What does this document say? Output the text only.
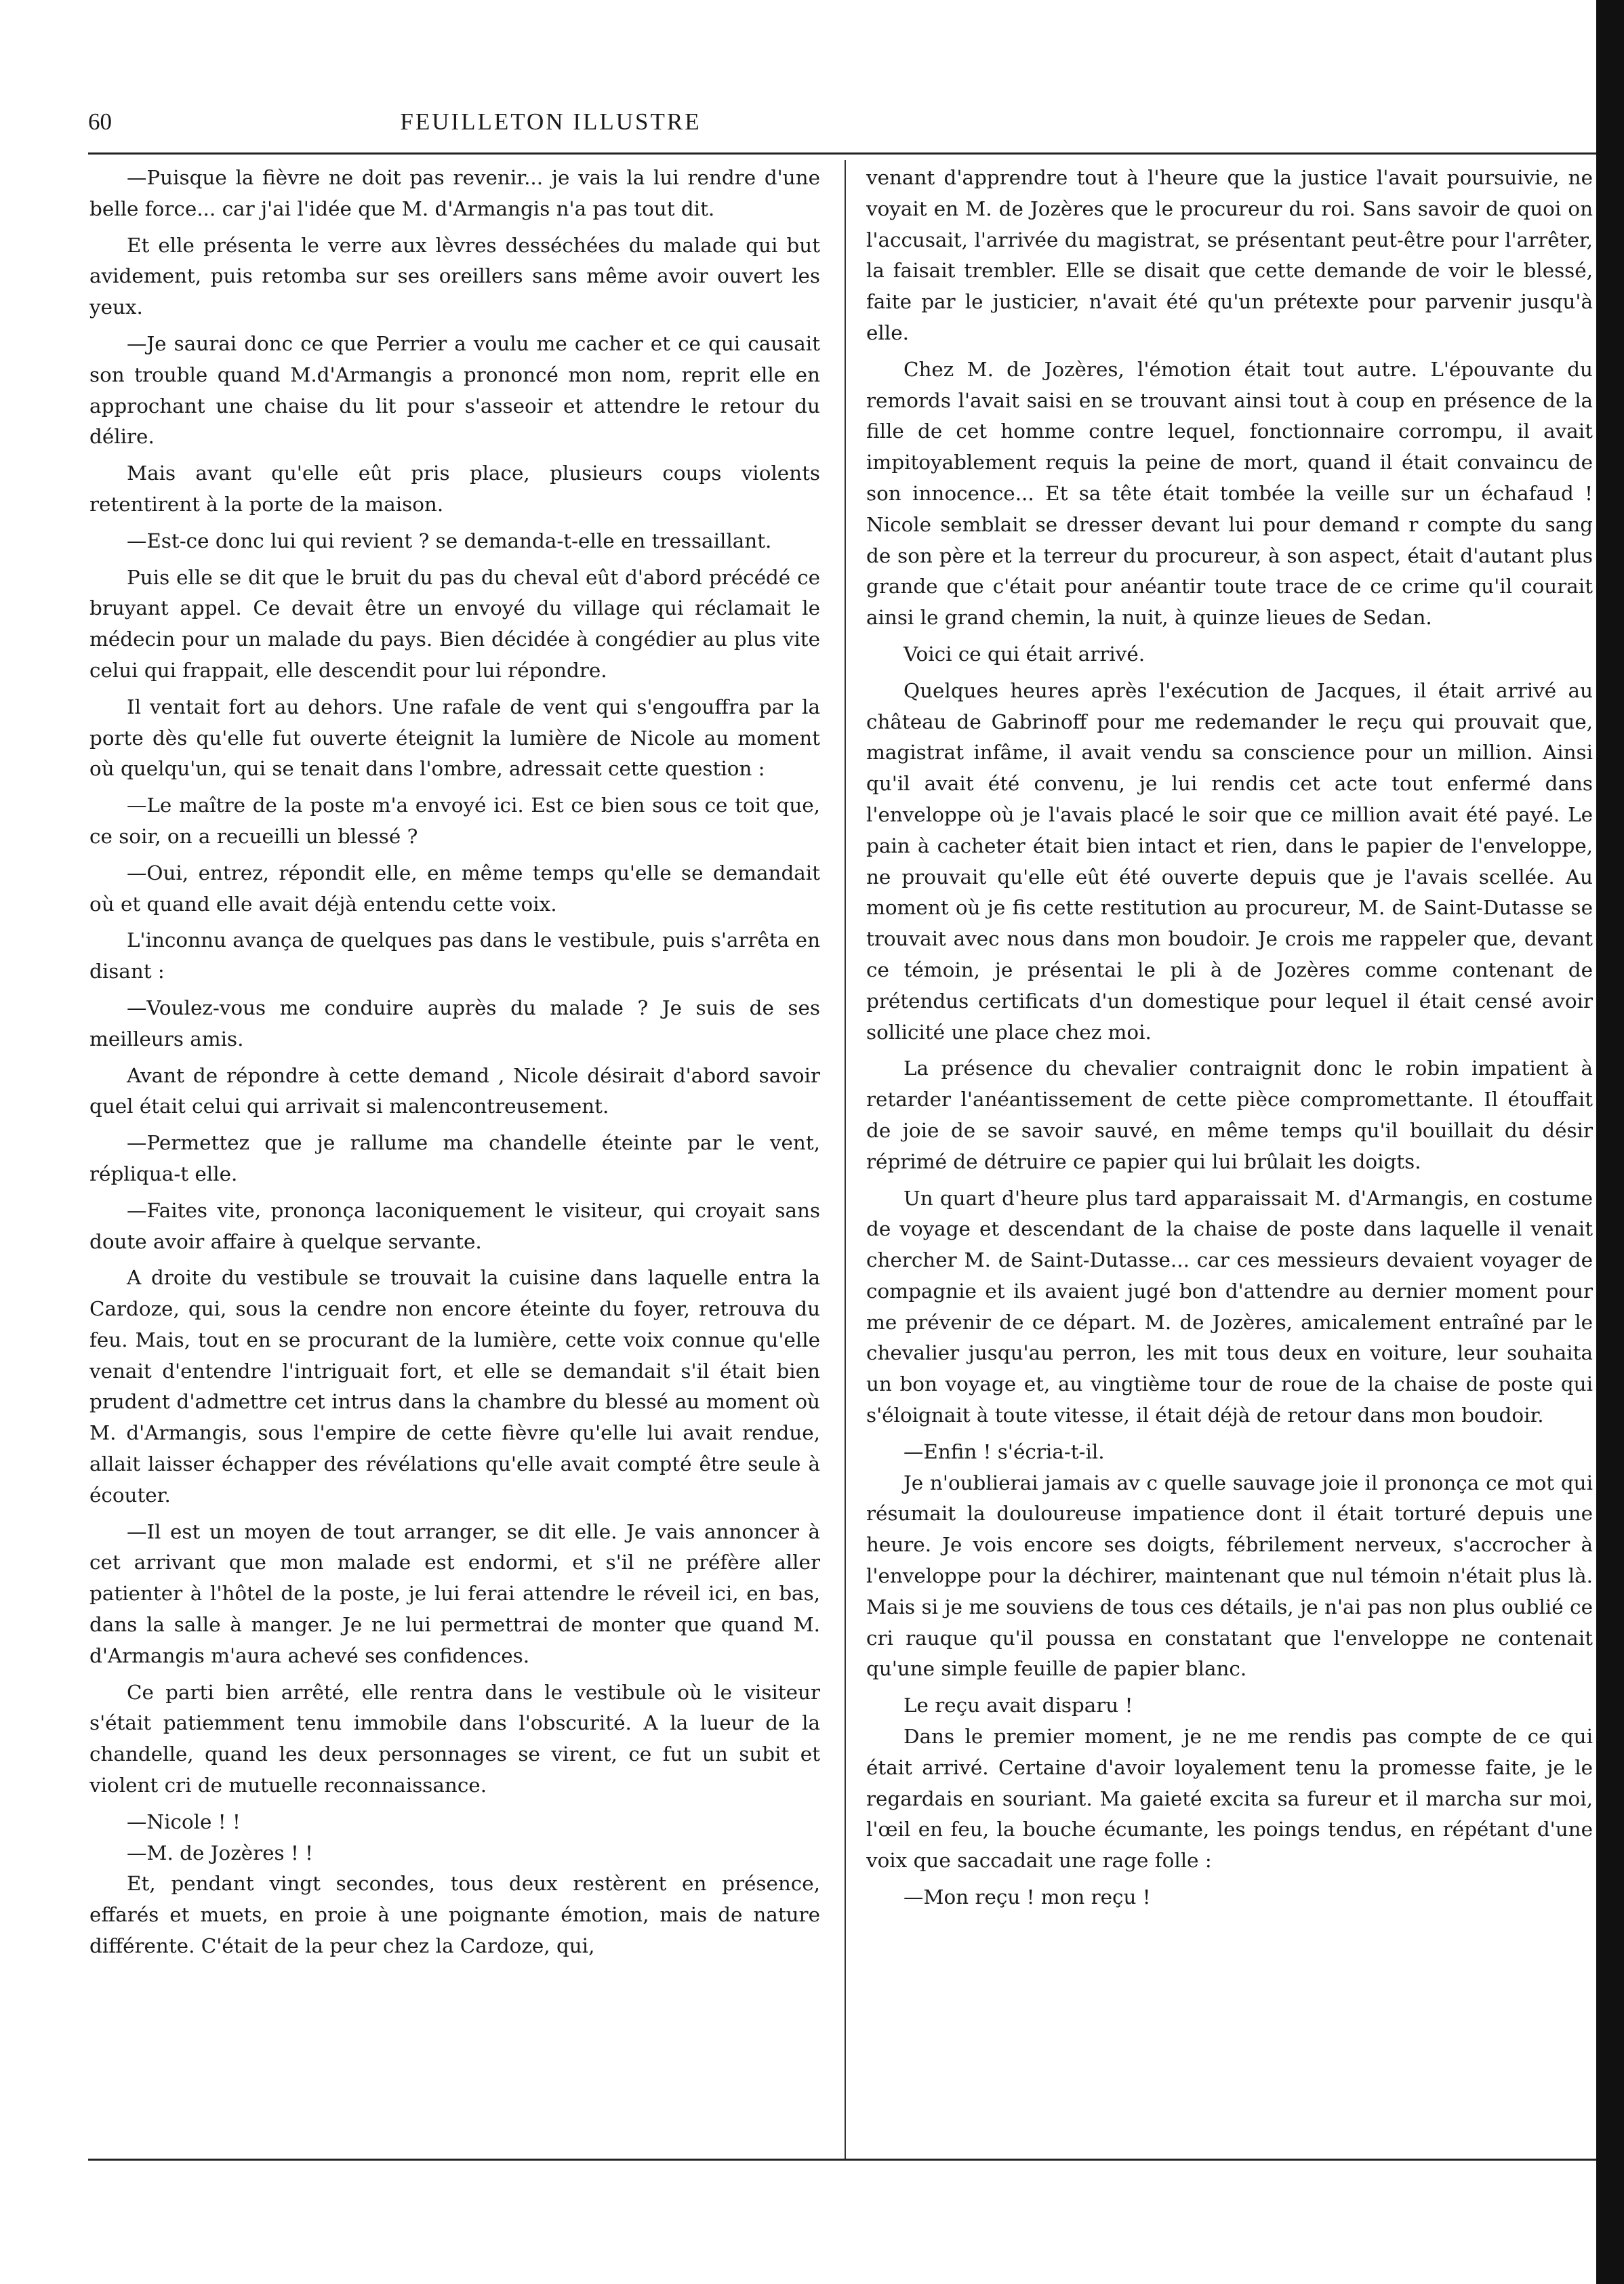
60	FEUILLETON ILLUSTRE

—Puisque la fièvre ne doit pas revenir... je vais la lui rendre d'une belle force... car j'ai l'idée que M. d'Armangis n'a pas tout dit.

Et elle présenta le verre aux lèvres desséchées du malade qui but avidement, puis retomba sur ses oreillers sans même avoir ouvert les yeux.

—Je saurai donc ce que Perrier a voulu me cacher et ce qui causait son trouble quand M.d'Armangis a prononcé mon nom, reprit elle en approchant une chaise du lit pour s'asseoir et attendre le retour du délire.

Mais avant qu'elle eût pris place, plusieurs coups violents retentirent à la porte de la maison.

—Est-ce donc lui qui revient ? se demanda-t-elle en tressaillant.

Puis elle se dit que le bruit du pas du cheval eût d'abord précédé ce bruyant appel. Ce devait être un envoyé du village qui réclamait le médecin pour un malade du pays. Bien décidée à congédier au plus vite celui qui frappait, elle descendit pour lui répondre.

Il ventait fort au dehors. Une rafale de vent qui s'engouffra par la porte dès qu'elle fut ouverte éteignit la lumière de Nicole au moment où quelqu'un, qui se tenait dans l'ombre, adressait cette question :

—Le maître de la poste m'a envoyé ici. Est ce bien sous ce toit que, ce soir, on a recueilli un blessé ?

—Oui, entrez, répondit elle, en même temps qu'elle se demandait où et quand elle avait déjà entendu cette voix.

L'inconnu avança de quelques pas dans le vestibule, puis s'arrêta en disant :

—Voulez-vous me conduire auprès du malade ? Je suis de ses meilleurs amis.

Avant de répondre à cette demand , Nicole désirait d'abord savoir quel était celui qui arrivait si malencontreusement.

—Permettez que je rallume ma chandelle éteinte par le vent, répliqua-t elle.

—Faites vite, prononça laconiquement le visiteur, qui croyait sans doute avoir affaire à quelque servante.

A droite du vestibule se trouvait la cuisine dans laquelle entra la Cardoze, qui, sous la cendre non encore éteinte du foyer, retrouva du feu. Mais, tout en se procurant de la lumière, cette voix connue qu'elle venait d'entendre l'intriguait fort, et elle se demandait s'il était bien prudent d'admettre cet intrus dans la chambre du blessé au moment où M. d'Armangis, sous l'empire de cette fièvre qu'elle lui avait rendue, allait laisser échapper des révélations qu'elle avait compté être seule à écouter.

—Il est un moyen de tout arranger, se dit elle. Je vais annoncer à cet arrivant que mon malade est endormi, et s'il ne préfère aller patienter à l'hôtel de la poste, je lui ferai attendre le réveil ici, en bas, dans la salle à manger. Je ne lui permettrai de monter que quand M. d'Armangis m'aura achevé ses confidences.

Ce parti bien arrêté, elle rentra dans le vestibule où le visiteur s'était patiemment tenu immobile dans l'obscurité. A la lueur de la chandelle, quand les deux personnages se virent, ce fut un subit et violent cri de mutuelle reconnaissance.

—Nicole ! !

—M. de Jozères ! !

Et, pendant vingt secondes, tous deux restèrent en présence, effarés et muets, en proie à une poignante émotion, mais de nature différente. C'était de la peur chez la Cardoze, qui,

venant d'apprendre tout à l'heure que la justice l'avait poursuivie, ne voyait en M. de Jozères que le procureur du roi. Sans savoir de quoi on l'accusait, l'arrivée du magistrat, se présentant peut-être pour l'arrêter, la faisait trembler. Elle se disait que cette demande de voir le blessé, faite par le justicier, n'avait été qu'un prétexte pour parvenir jusqu'à elle.

Chez M. de Jozères, l'émotion était tout autre. L'épouvante du remords l'avait saisi en se trouvant ainsi tout à coup en présence de la fille de cet homme contre lequel, fonctionnaire corrompu, il avait impitoyablement requis la peine de mort, quand il était convaincu de son innocence... Et sa tête était tombée la veille sur un échafaud ! Nicole semblait se dresser devant lui pour demand r compte du sang de son père et la terreur du procureur, à son aspect, était d'autant plus grande que c'était pour anéantir toute trace de ce crime qu'il courait ainsi le grand chemin, la nuit, à quinze lieues de Sedan.

Voici ce qui était arrivé.

Quelques heures après l'exécution de Jacques, il était arrivé au château de Gabrinoff pour me redemander le reçu qui prouvait que, magistrat infâme, il avait vendu sa conscience pour un million. Ainsi qu'il avait été convenu, je lui rendis cet acte tout enfermé dans l'enveloppe où je l'avais placé le soir que ce million avait été payé. Le pain à cacheter était bien intact et rien, dans le papier de l'enveloppe, ne prouvait qu'elle eût été ouverte depuis que je l'avais scellée. Au moment où je fis cette restitution au procureur, M. de Saint-Dutasse se trouvait avec nous dans mon boudoir. Je crois me rappeler que, devant ce témoin, je présentai le pli à de Jozères comme contenant de prétendus certificats d'un domestique pour lequel il était censé avoir sollicité une place chez moi.

La présence du chevalier contraignit donc le robin impatient à retarder l'anéantissement de cette pièce compromettante. Il étouffait de joie de se savoir sauvé, en même temps qu'il bouillait du désir réprimé de détruire ce papier qui lui brûlait les doigts.

Un quart d'heure plus tard apparaissait M. d'Armangis, en costume de voyage et descendant de la chaise de poste dans laquelle il venait chercher M. de Saint-Dutasse... car ces messieurs devaient voyager de compagnie et ils avaient jugé bon d'attendre au dernier moment pour me prévenir de ce départ. M. de Jozères, amicalement entraîné par le chevalier jusqu'au perron, les mit tous deux en voiture, leur souhaita un bon voyage et, au vingtième tour de roue de la chaise de poste qui s'éloignait à toute vitesse, il était déjà de retour dans mon boudoir.

—Enfin ! s'écria-t-il.

Je n'oublierai jamais av c quelle sauvage joie il prononça ce mot qui résumait la douloureuse impatience dont il était torturé depuis une heure. Je vois encore ses doigts, fébrilement nerveux, s'accrocher à l'enveloppe pour la déchirer, maintenant que nul témoin n'était plus là. Mais si je me souviens de tous ces détails, je n'ai pas non plus oublié ce cri rauque qu'il poussa en constatant que l'enveloppe ne contenait qu'une simple feuille de papier blanc.

Le reçu avait disparu !

Dans le premier moment, je ne me rendis pas compte de ce qui était arrivé. Certaine d'avoir loyalement tenu la promesse faite, je le regardais en souriant. Ma gaieté excita sa fureur et il marcha sur moi, l'œil en feu, la bouche écumante, les poings tendus, en répétant d'une voix que saccadait une rage folle :

—Mon reçu ! mon reçu !
